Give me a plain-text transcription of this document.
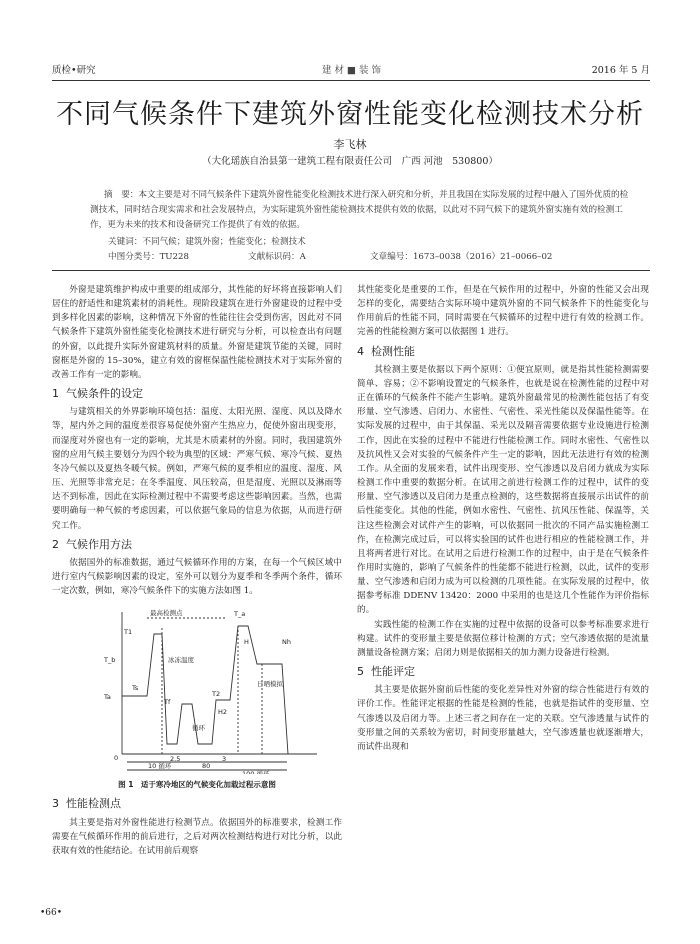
质检•研究	建 材 ■ 装 饰	2016 年 5 月
不同气候条件下建筑外窗性能变化检测技术分析
李飞林
（大化瑶族自治县第一建筑工程有限责任公司　广西 河池　530800）
摘　要：本文主要是对不同气候条件下建筑外窗性能变化检测技术进行深入研究和分析，并且我国在实际发展的过程中融入了国外优质的检测技术，同时结合现实需求和社会发展特点，为实际建筑外窗性能检测技术提供有效的依据，以此对不同气候下的建筑外窗实施有效的检测工作，更为未来的技术和设备研究工作提供了有效的依据。
关键词：不同气候；建筑外窗；性能变化；检测技术
中图分类号：TU228	文献标识码：A	文章编号：1673–0038（2016）21–0066–02

外窗是建筑维护构成中重要的组成部分，其性能的好坏将直接影响人们居住的舒适性和建筑素材的消耗性。现阶段建筑在进行外窗建设的过程中受到多样化因素的影响，这种情况下外窗的性能往往会受到伤害，因此对不同气候条件下建筑外窗性能变化检测技术进行研究与分析，可以检查出有问题的外窗，以此提升实际外窗建筑材料的质量。外窗是建筑节能的关键，同时窗框是外窗的 15–30%，建立有效的窗框保温性能检测技术对于实际外窗的改善工作有一定的影响。

1 气候条件的设定

与建筑相关的外界影响环境包括：温度、太阳光照、湿度、风以及降水等，屋内外之间的温度差很容易促使外窗产生热应力，促使外窗出现变形，而湿度对外窗也有一定的影响，尤其是木质素材的外窗。同时，我国建筑外窗的应用气候主要划分为四个较为典型的区域：严寒气候、寒冷气候、夏热冬冷气候以及夏热冬暖气候。例如，严寒气候的夏季相应的温度、湿度、风压、光照等非常充足；在冬季温度、风压较高，但是湿度、光照以及淋雨等达不到标准，因此在实际检测过程中不需要考虑这些影响因素。当然，也需要明确每一种气候的考虑因素，可以依据气象局的信息为依据，从而进行研究工作。

2 气候作用方法

依据国外的标准数据，通过气候循环作用的方案，在每一个气候区域中进行室内气候影响因素的设定，室外可以划分为夏季和冬季两个条件，循环一定次数，例如，寒冷气候条件下的实施方法如图 1。

最高检测点	T_a
T_b
Ta
冰冻温度
日晒模拟
循环
10 循环	80
100 循环
0
Ts
Tf
T2
H2
H
2.5	3
Nh
T1
图 1　适于寒冷地区的气候变化加载过程示意图
3 性能检测点

其主要是指对外窗性能进行检测节点。依据国外的标准要求，检测工作需要在气候循环作用的前后进行，之后对两次检测结构进行对比分析，以此获取有效的性能结论。在试用前后观察

其性能变化是重要的工作，但是在气候作用的过程中，外窗的性能又会出现怎样的变化，需要结合实际环境中建筑外窗的不同气候条件下的性能变化与作用前后的性能不同，同时需要在气候循环的过程中进行有效的检测工作。完善的性能检测方案可以依据图 1 进行。

4 检测性能

其检测主要是依据以下两个原则：①便宜原则，就是指其性能检测需要简单、容易；②不影响设置定的气候条件，也就是说在检测性能的过程中对正在循环的气候条件不能产生影响。建筑外窗最常见的检测性能包括了有变形量、空气渗透、启闭力、水密性、气密性、采光性能以及保温性能等。在实际发展的过程中，由于其保温、采光以及隔音需要依据专业设施进行检测工作，因此在实验的过程中不能进行性能检测工作。同时水密性、气密性以及抗风性又会对实验的气候条件产生一定的影响，因此无法进行有效的检测工作。从全面的发展来看，试件出现变形、空气渗透以及启闭力就成为实际检测工作中重要的数据分析。在试用之前进行检测工作的过程中，试件的变形量、空气渗透以及启闭力是重点检测的，这些数据将直接展示出试件的前后性能变化。其他的性能，例如水密性、气密性、抗风压性能、保温等，关注这些检测会对试件产生的影响，可以依据同一批次的不同产品实施检测工作，在检测完成过后，可以将实验国的试件也进行相应的性能检测工作，并且将两者进行对比。在试用之后进行检测工作的过程中，由于是在气候条件作用时实施的，影响了气候条件的性能都不能进行检测，以此，试件的变形量、空气渗透和启闭力成为可以检测的几项性能。在实际发展的过程中，依据参考标准 DDENV 13420：2000 中采用的也是这几个性能作为评价指标的。

实践性能的检测工作在实施的过程中依据的设备可以参考标准要求进行构建。试件的变形量主要是依据位移计检测的方式；空气渗透依据的是流量测量设备检测方案；启闭力则是依据相关的加力测力设备进行检测。

5 性能评定

其主要是依据外窗前后性能的变化差异性对外窗的综合性能进行有效的评价工作。性能评定根据的性能是检测的性能，也就是指试件的变形量、空气渗透以及启闭力等。上述三者之间存在一定的关联。空气渗透量与试件的变形量之间的关系较为密切，时间变形量越大，空气渗透量也就逐渐增大，而试件出现和

•66•
